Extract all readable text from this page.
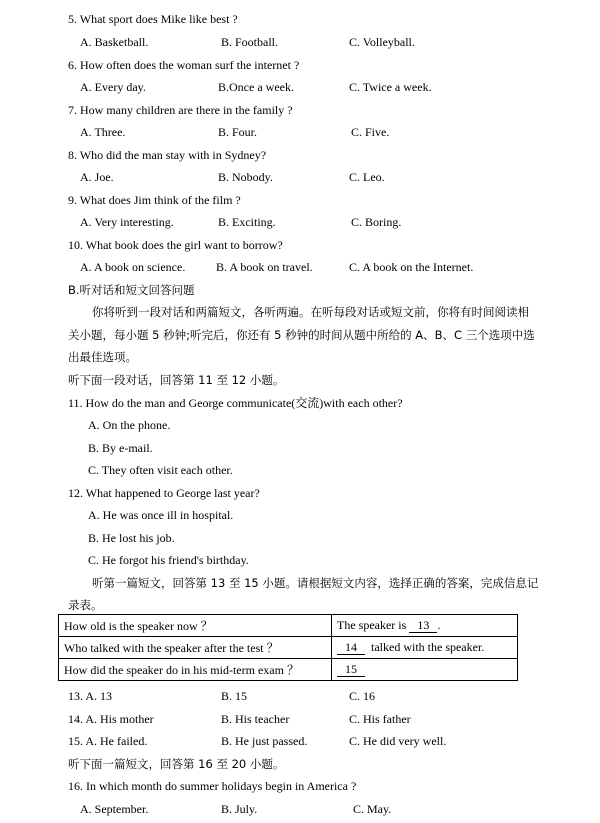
5. What sport does Mike like best ?
A. Basketball.	B. Football.	C. Volleyball.
6. How often does the woman surf the internet ?
A. Every day.	B.Once a week.	C. Twice a week.
7. How many children are there in the family ?
A. Three.	B. Four.	C. Five.
8. Who did the man stay with in Sydney?
A. Joe.	B. Nobody.	C. Leo.
9. What does Jim think of the film ?
A. Very interesting.	B. Exciting.	C. Boring.
10. What book does the girl want to borrow?
A. A book on science.	B. A book on travel.	C. A book on the Internet.
B.听对话和短文回答问题
你将听到一段对话和两篇短文，各听两遍。在听每段对话或短文前，你将有时间阅读相
关小题，每小题 5 秒钟;听完后，你还有 5 秒钟的时间从题中所给的 A、B、C 三个选项中选
出最佳选项。
听下面一段对话，回答第 11 至 12 小题。
11. How do the man and George communicate(交流)with each other?
A. On the phone.
B. By e-mail.
C. They often visit each other.
12. What happened to George last year?
A. He was once ill in hospital.
B. He lost his job.
C. He forgot his friend's birthday.
听第一篇短文，回答第 13 至 15 小题。请根据短文内容，选择正确的答案，完成信息记
录表。
How old is the speaker now ？	The speaker is 13 .
Who talked with the speaker after the test ？	14  talked with the speaker.
How did the speaker do in his mid-term exam ？	15
13. A. 13	B. 15	C. 16
14. A. His mother	B. His teacher	C. His father
15. A. He failed.	B. He just passed.	C. He did very well.
听下面一篇短文，回答第 16 至 20 小题。
16. In which month do summer holidays begin in America ?
A. September.	B. July.	C. May.
